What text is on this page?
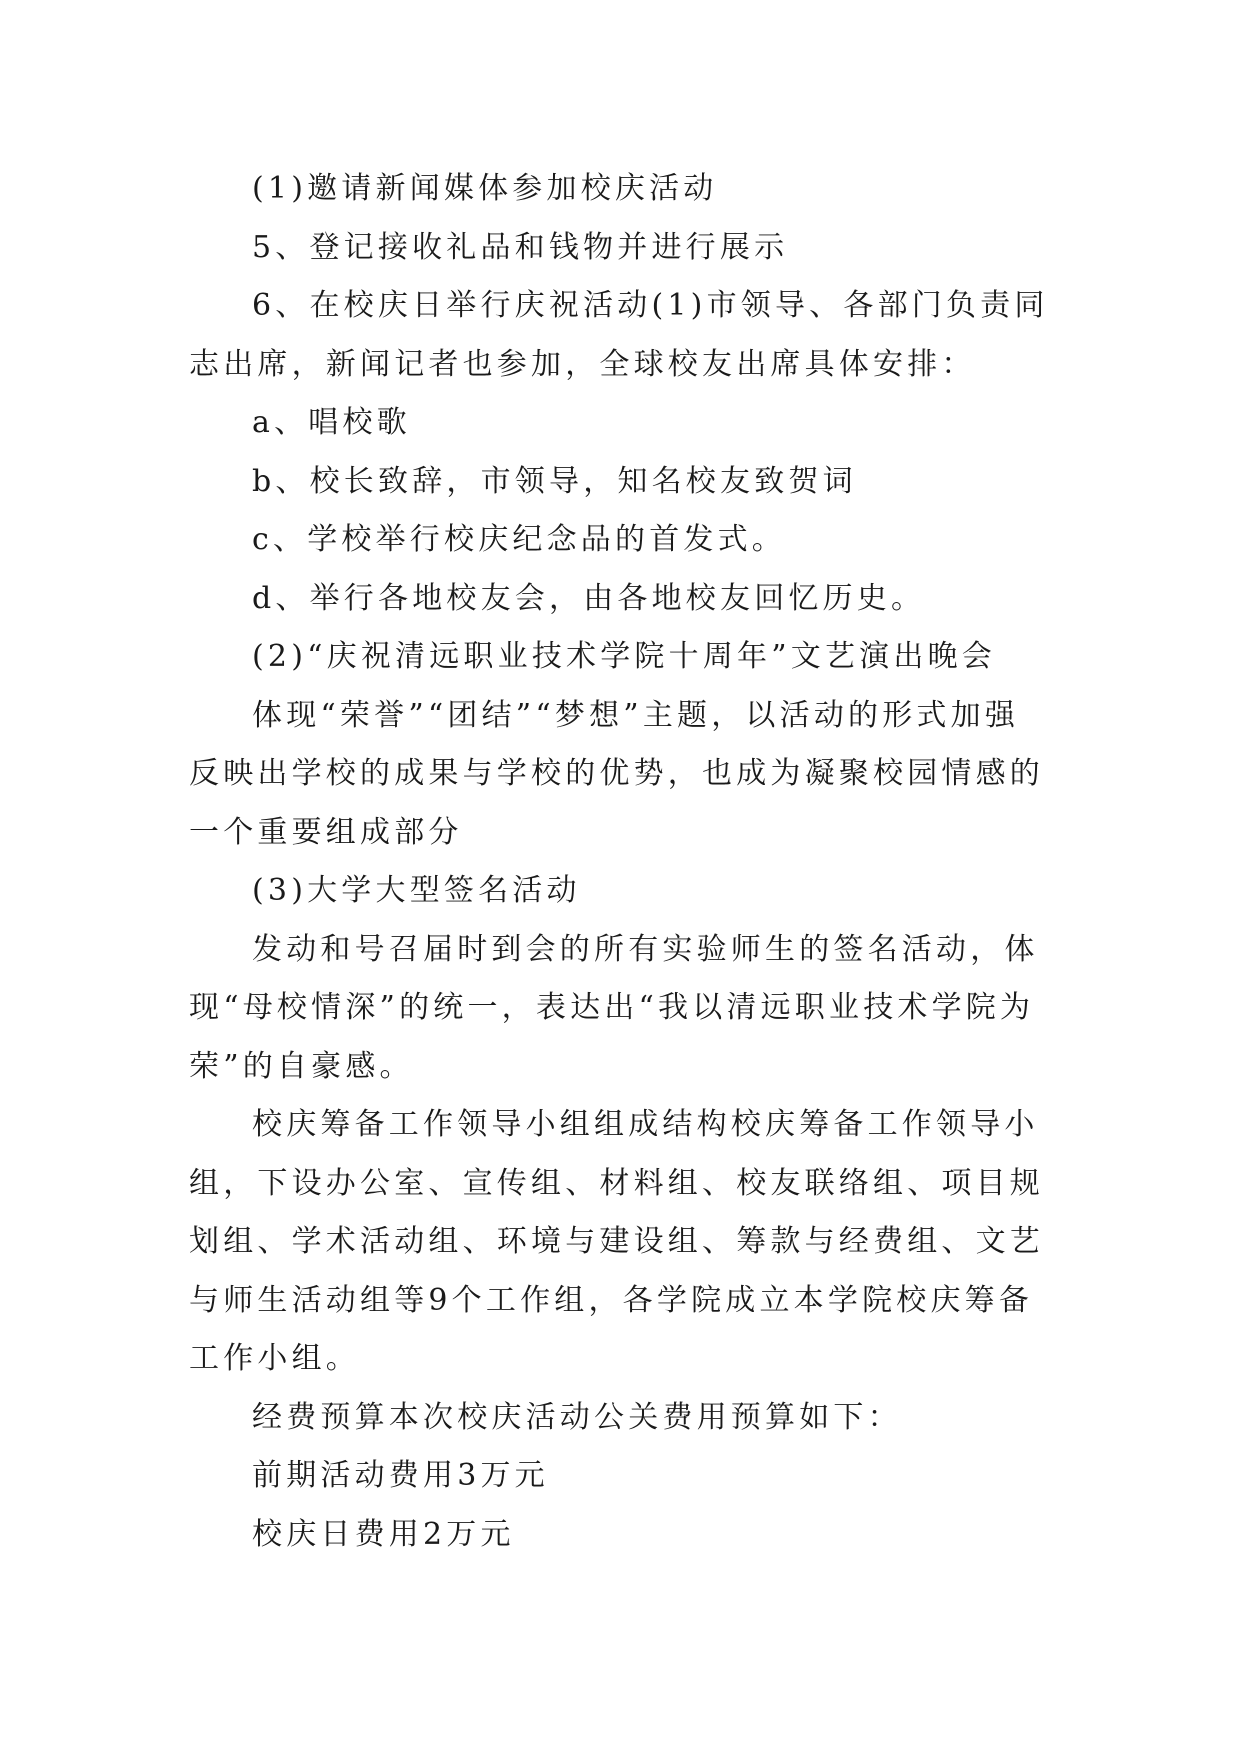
(1)邀请新闻媒体参加校庆活动

5、登记接收礼品和钱物并进行展示

6、在校庆日举行庆祝活动(1)市领导、各部门负责同志出席，新闻记者也参加，全球校友出席具体安排：

a、唱校歌

b、校长致辞，市领导，知名校友致贺词

c、学校举行校庆纪念品的首发式。

d、举行各地校友会，由各地校友回忆历史。

(2)“庆祝清远职业技术学院十周年”文艺演出晚会

体现“荣誉”“团结”“梦想”主题，以活动的形式加强反映出学校的成果与学校的优势，也成为凝聚校园情感的一个重要组成部分

(3)大学大型签名活动

发动和号召届时到会的所有实验师生的签名活动，体现“母校情深”的统一，表达出“我以清远职业技术学院为荣”的自豪感。

校庆筹备工作领导小组组成结构校庆筹备工作领导小组，下设办公室、宣传组、材料组、校友联络组、项目规划组、学术活动组、环境与建设组、筹款与经费组、文艺与师生活动组等9个工作组，各学院成立本学院校庆筹备工作小组。

经费预算本次校庆活动公关费用预算如下：

前期活动费用3万元

校庆日费用2万元
